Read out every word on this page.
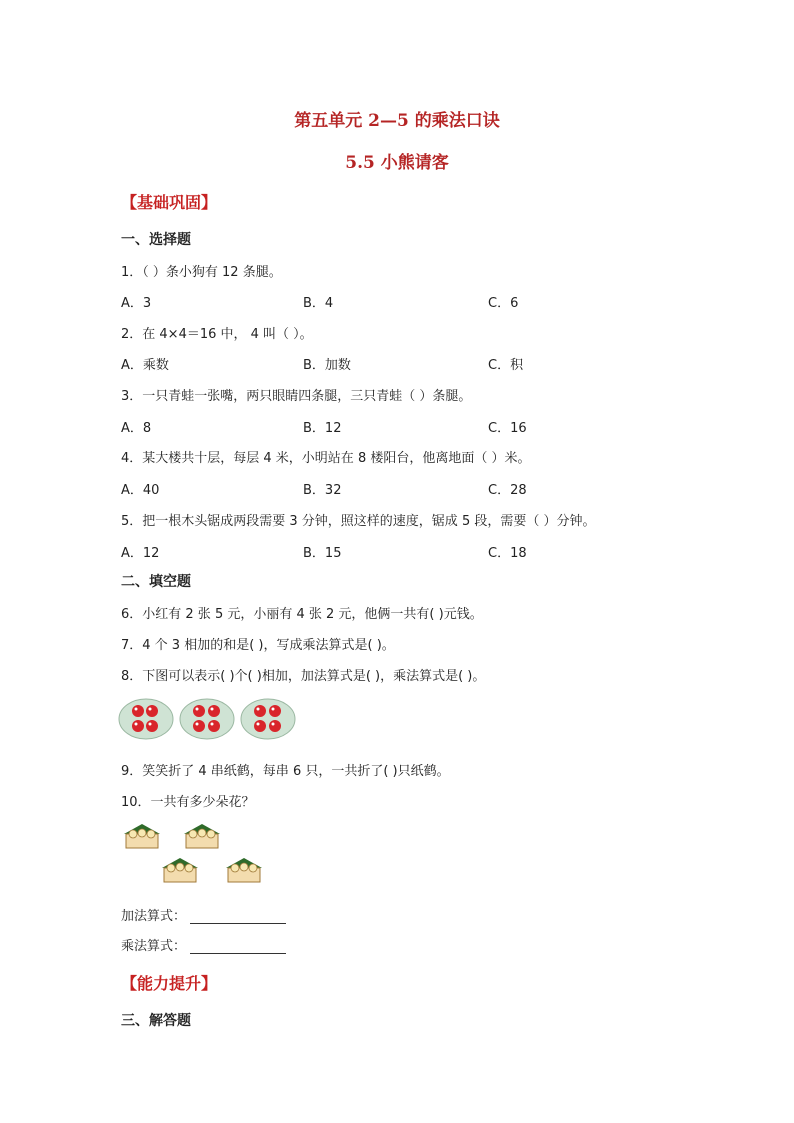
第五单元 2—5 的乘法口诀
5.5 小熊请客
【基础巩固】
一、选择题
1．（ ）条小狗有 12 条腿。
A．3	B．4	C．6
2．在 4×4＝16 中， 4 叫（ ）。
A．乘数	B．加数	C．积
3．一只青蛙一张嘴，两只眼睛四条腿，三只青蛙（ ）条腿。
A．8	B．12	C．16
4．某大楼共十层，每层 4 米，小明站在 8 楼阳台，他离地面（ ）米。
A．40	B．32	C．28
5．把一根木头锯成两段需要 3 分钟，照这样的速度，锯成 5 段，需要（ ）分钟。
A．12	B．15	C．18
二、填空题
6．小红有 2 张 5 元，小丽有 4 张 2 元，他俩一共有( )元钱。
7．4 个 3 相加的和是( )，写成乘法算式是( )。
8．下图可以表示( )个( )相加，加法算式是( )，乘法算式是( )。
9．笑笑折了 4 串纸鹤，每串 6 只，一共折了( )只纸鹤。
10．一共有多少朵花？
加法算式：
乘法算式：
【能力提升】
三、解答题
